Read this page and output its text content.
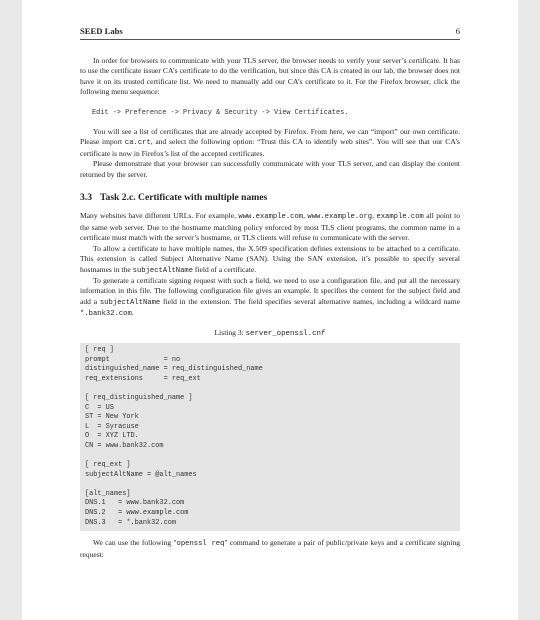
SEED Labs	6

In order for browsers to communicate with your TLS server, the browser needs to verify your server’s certificate. It has to use the certificate issuer CA’s certificate to do the verification, but since this CA is created in our lab, the browser does not have it on its trusted certificate list. We need to manually add our CA’s certificate to it. For the Firefox browser, click the following menu sequence:

Edit -> Preference -> Privacy & Security -> View Certificates.

You will see a list of certificates that are already accepted by Firefox. From here, we can “import” our own certificate. Please import ca.crt, and select the following option: “Trust this CA to identify web sites”. You will see that our CA’s certificate is now in Firefox’s list of the accepted certificates.

Please demonstrate that your browser can successfully communicate with your TLS server, and can display the content returned by the server.

3.3 Task 2.c. Certificate with multiple names

Many websites have different URLs. For example, www.example.com, www.example.org, example.com all point to the same web server. Due to the hostname matching policy enforced by most TLS client programs, the common name in a certificate must match with the server’s hostname, or TLS clients will refuse to communicate with the server.

To allow a certificate to have multiple names, the X.509 specification defines extensions to be attached to a certificate. This extension is called Subject Alternative Name (SAN). Using the SAN extension, it’s possible to specify several hostnames in the subjectAltName field of a certificate.

To generate a certificate signing request with such a field, we need to use a configuration file, and put all the necessary information in this file. The following configuration file gives an example. It specifies the content for the subject field and add a subjectAltName field in the extension. The field specifies several alternative names, including a wildcard name *.bank32.com.

Listing 3: server_openssl.cnf
[ req ]
prompt             = no
distinguished_name = req_distinguished_name
req_extensions     = req_ext
[ req_distinguished_name ]
C  = US
ST = New York
L  = Syracuse
O  = XYZ LTD.
CN = www.bank32.com
[ req_ext ]
subjectAltName = @alt_names
[alt_names]
DNS.1   = www.bank32.com
DNS.2   = www.example.com
DNS.3   = *.bank32.com

We can use the following "openssl req" command to generate a pair of public/private keys and a certificate signing request:
